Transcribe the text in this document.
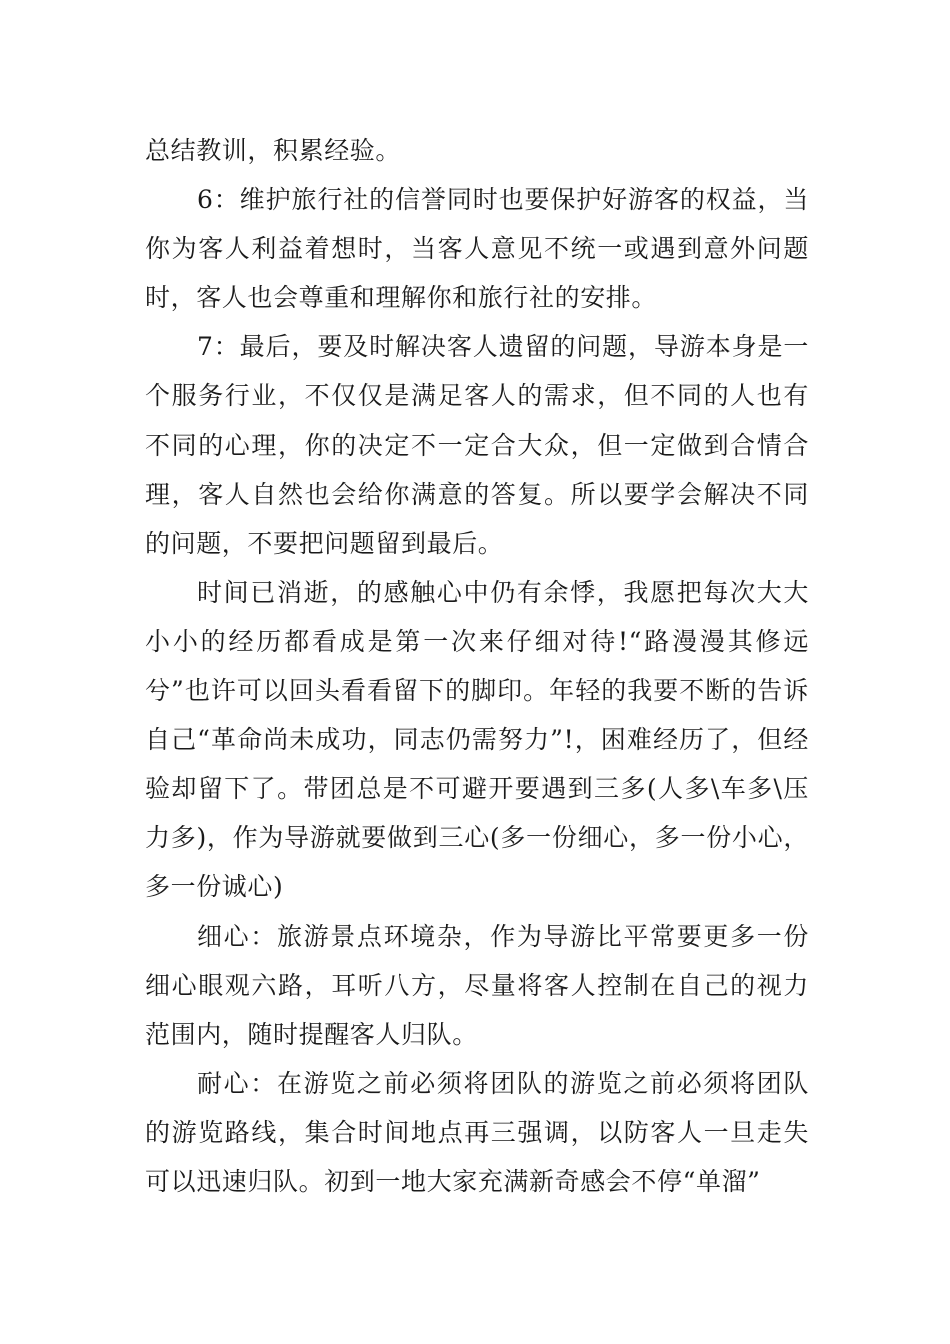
总结教训，积累经验。

6：维护旅行社的信誉同时也要保护好游客的权益，当你为客人利益着想时，当客人意见不统一或遇到意外问题时，客人也会尊重和理解你和旅行社的安排。

7：最后，要及时解决客人遗留的问题，导游本身是一个服务行业，不仅仅是满足客人的需求，但不同的人也有不同的心理，你的决定不一定合大众，但一定做到合情合理，客人自然也会给你满意的答复。所以要学会解决不同的问题，不要把问题留到最后。

时间已消逝，的感触心中仍有余悸，我愿把每次大大小小的经历都看成是第一次来仔细对待!“路漫漫其修远兮”也许可以回头看看留下的脚印。年轻的我要不断的告诉自己“革命尚未成功，同志仍需努力”!，困难经历了，但经验却留下了。带团总是不可避开要遇到三多(人多\车多\压力多)，作为导游就要做到三心(多一份细心，多一份小心，多一份诚心)

细心：旅游景点环境杂，作为导游比平常要更多一份细心眼观六路，耳听八方，尽量将客人控制在自己的视力范围内，随时提醒客人归队。

耐心：在游览之前必须将团队的游览之前必须将团队的游览路线，集合时间地点再三强调，以防客人一旦走失可以迅速归队。初到一地大家充满新奇感会不停“单溜”
